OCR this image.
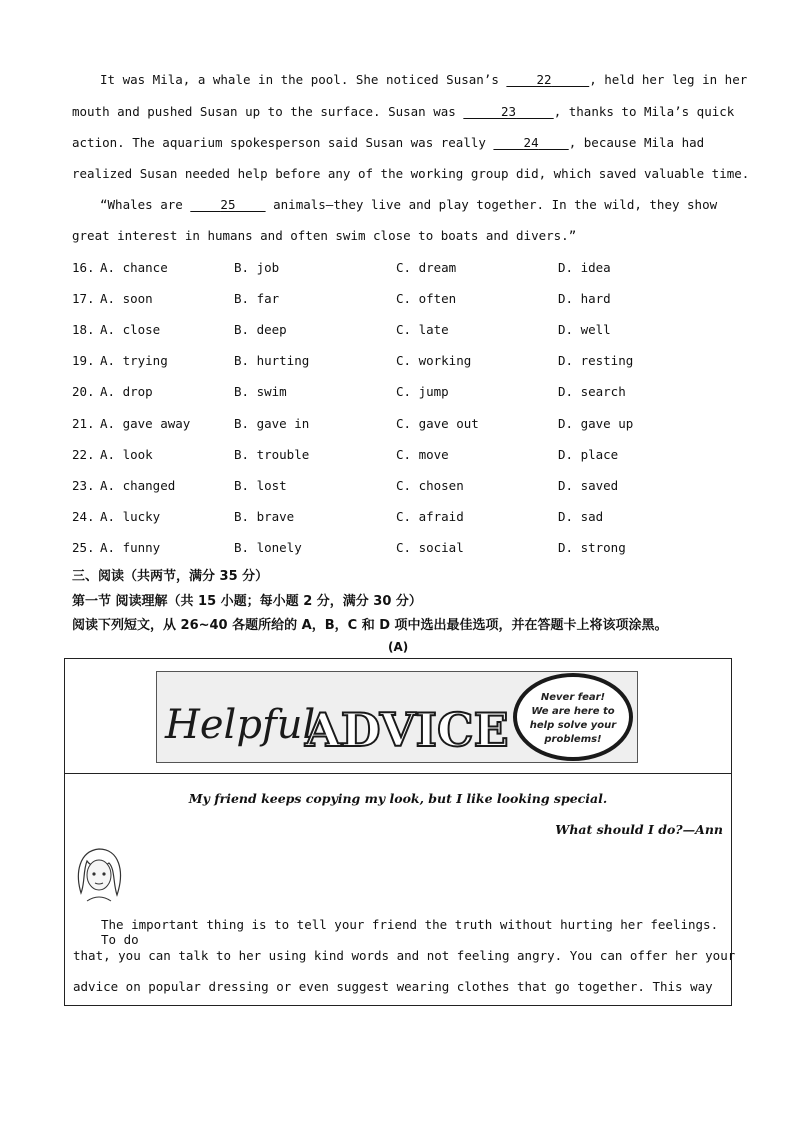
It was Mila, a whale in the pool. She noticed Susan’s     22	, held her leg in her
mouth and pushed Susan up to the surface. Susan was	23	, thanks to Mila’s quick
action. The aquarium spokesperson said Susan was really     24 , because Mila had
realized Susan needed help before any of the working group did, which saved valuable time.
“Whales are     25     animals—they live and play together. In the wild, they show
great interest in humans and often swim close to boats and divers.”
16. A. chance	B. job	C. dream	D. idea
17. A. soon	B. far	C. often	D. hard
18. A. close	B. deep	C. late	D. well
19. A. trying	B. hurting	C. working	D. resting
20. A. drop	B. swim	C. jump	D. search
21. A. gave away	B. gave in	C. gave out	D. gave up
22. A. look	B. trouble	C. move	D. place
23. A. changed	B. lost	C. chosen	D. saved
24. A. lucky	B. brave	C. afraid	D. sad
25. A. funny	B. lonely	C. social	D. strong
三、阅读（共两节，满分 35 分）
第一节 阅读理解（共 15 小题；每小题 2 分，满分 30 分）
阅读下列短文，从 26~40 各题所给的 A，B，C 和 D 项中选出最佳选项，并在答题卡上将该项涂黑。
(A)
Helpful
ADVICE
Never fear!
We are here to
help solve your
problems!
My friend keeps copying my look, but I like looking special.
What should I do?—Ann
The important thing is to tell your friend the truth without hurting her feelings. To do
that, you can talk to her using kind words and not feeling angry. You can offer her your
advice on popular dressing or even suggest wearing clothes that go together. This way
